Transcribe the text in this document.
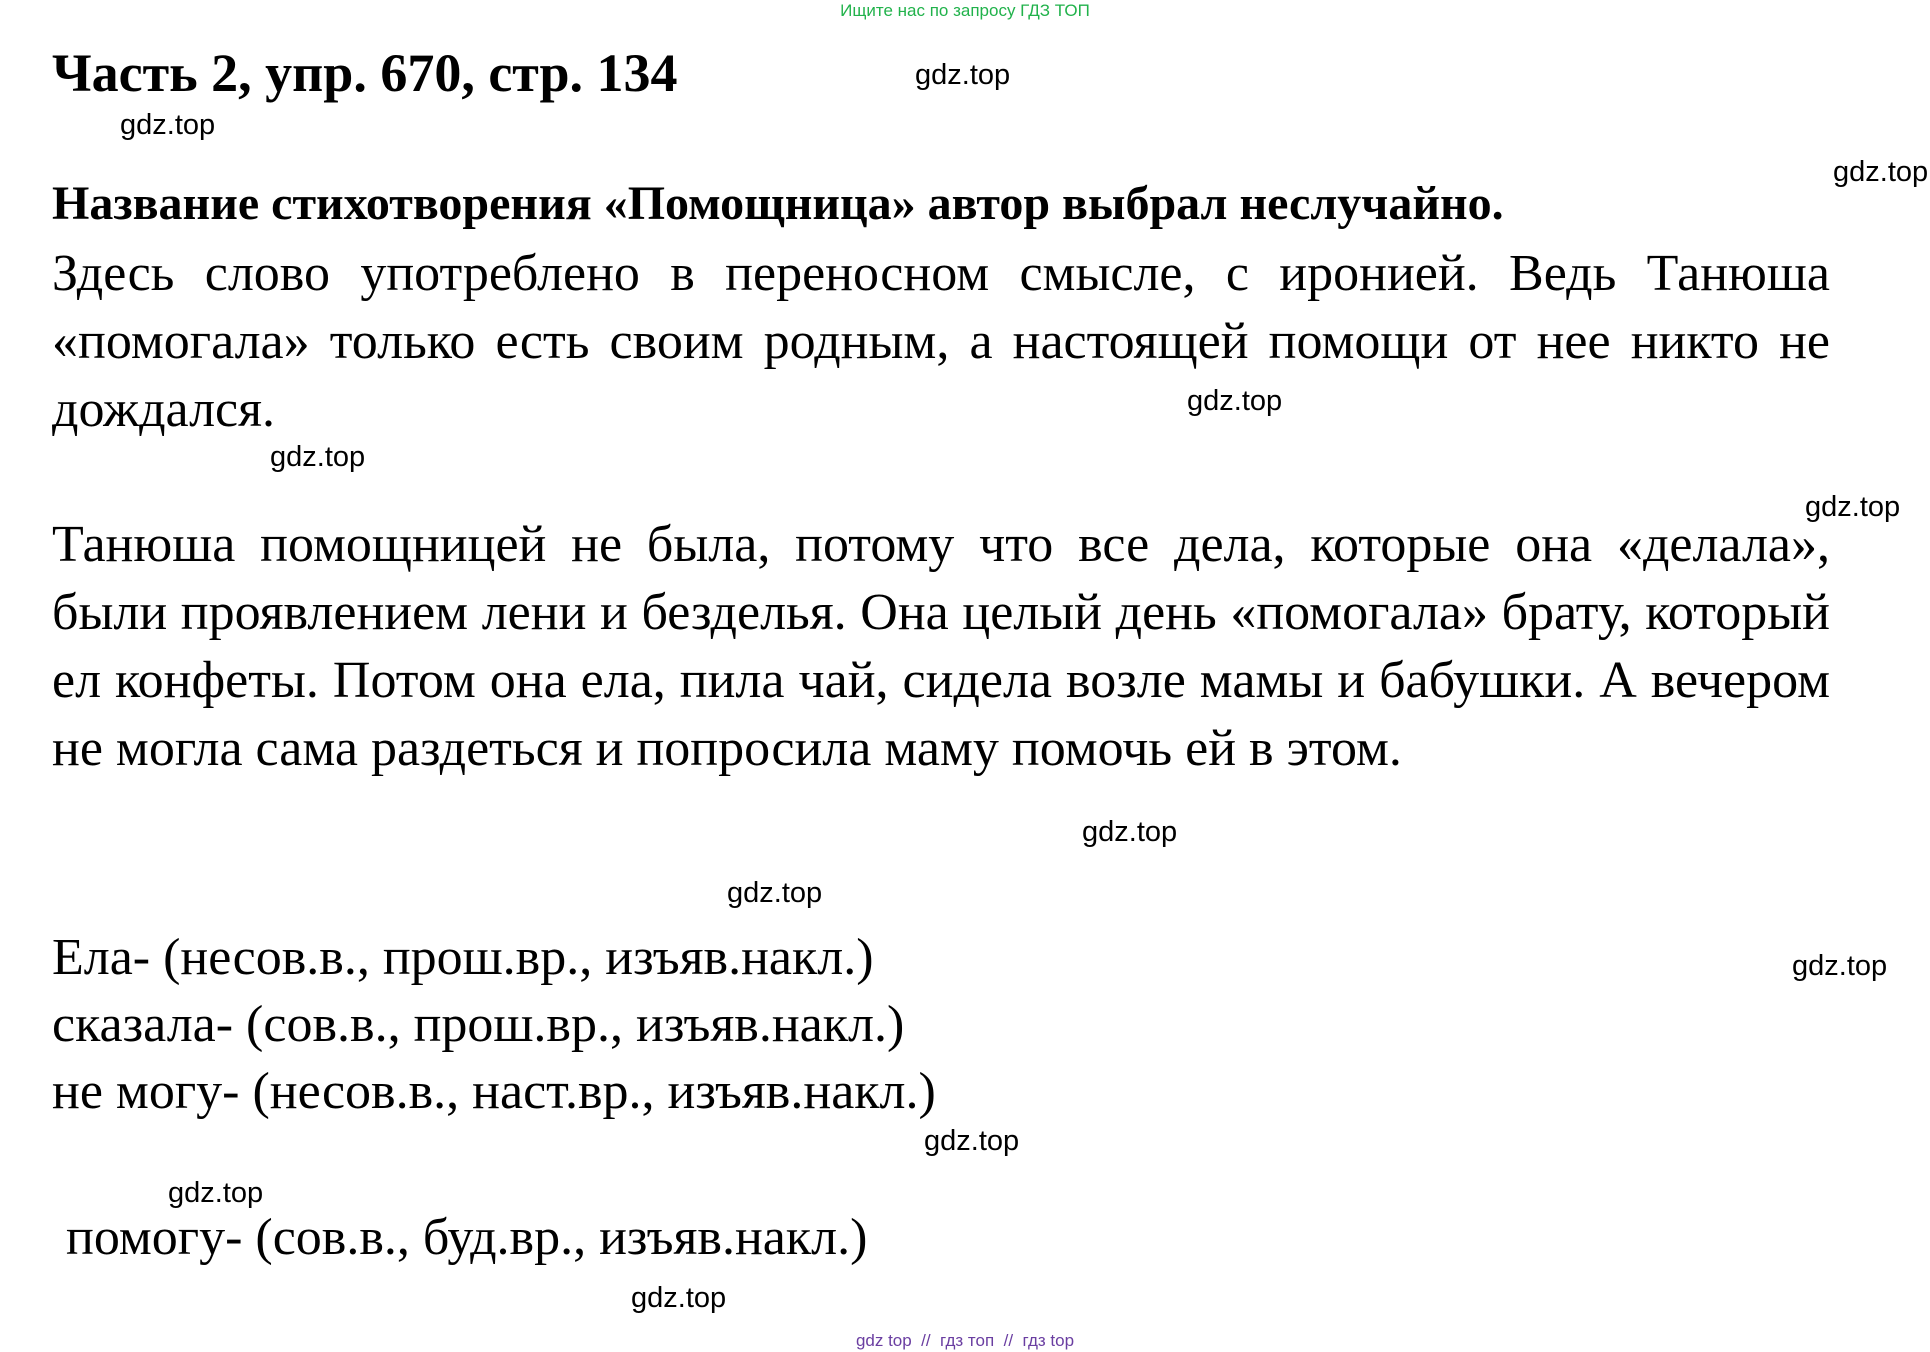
Ищите нас по запросу ГДЗ ТОП
Часть 2, упр. 670, стр. 134

Название стихотворения «Помощница» автор выбрал неслучайно.

Здесь слово употреблено в переносном смысле, с иронией. Ведь Танюша «помогала» только есть своим родным, а настоящей помощи от нее никто не дождался.

Танюша помощницей не была, потому что все дела, которые она «делала», были проявлением лени и безделья. Она целый день «помогала» брату, который ел конфеты. Потом она ела, пила чай, сидела возле мамы и бабушки. А вечером не могла сама раздеться и попросила маму помочь ей в этом.

Ела- (несов.в., прош.вр., изъяв.накл.)

сказала- (сов.в., прош.вр., изъяв.накл.)

не могу- (несов.в., наст.вр., изъяв.накл.)

помогу- (сов.в., буд.вр., изъяв.накл.)

gdz.top
gdz.top
gdz.top
gdz.top
gdz.top
gdz.top
gdz.top
gdz.top
gdz.top
gdz.top
gdz.top
gdz.top
gdz top  //  гдз топ  //  гдз top
